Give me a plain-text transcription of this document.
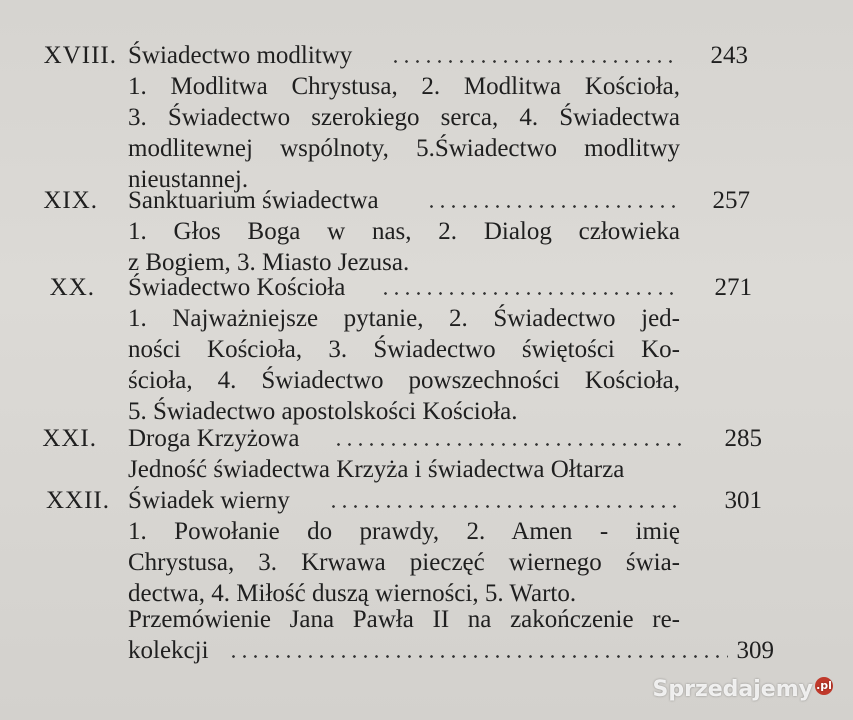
XVIII. Świadectwo modlitwy	243
1. Modlitwa Chrystusa, 2. Modlitwa Kościoła,
3. Świadectwo szerokiego serca, 4. Świadectwa
modlitewnej wspólnoty, 5.Świadectwo modlitwy
nieustannej.
XIX. Sanktuarium świadectwa	257
1. Głos Boga w nas, 2. Dialog człowieka
z Bogiem, 3. Miasto Jezusa.
XX. Świadectwo Kościoła	271
1. Najważniejsze pytanie, 2. Świadectwo jed-
ności Kościoła, 3. Świadectwo świętości Ko-
ścioła, 4. Świadectwo powszechności Kościoła,
5. Świadectwo apostolskości Kościoła.
XXI. Droga Krzyżowa	285
Jedność świadectwa Krzyża i świadectwa Ołtarza
XXII. Świadek wierny	301
1. Powołanie do prawdy, 2. Amen - imię
Chrystusa, 3. Krwawa pieczęć wiernego świa-
dectwa, 4. Miłość duszą wierności, 5. Warto.
Przemówienie Jana Pawła II na zakończenie re-
kolekcji	309
Sprzedajemy .pl
